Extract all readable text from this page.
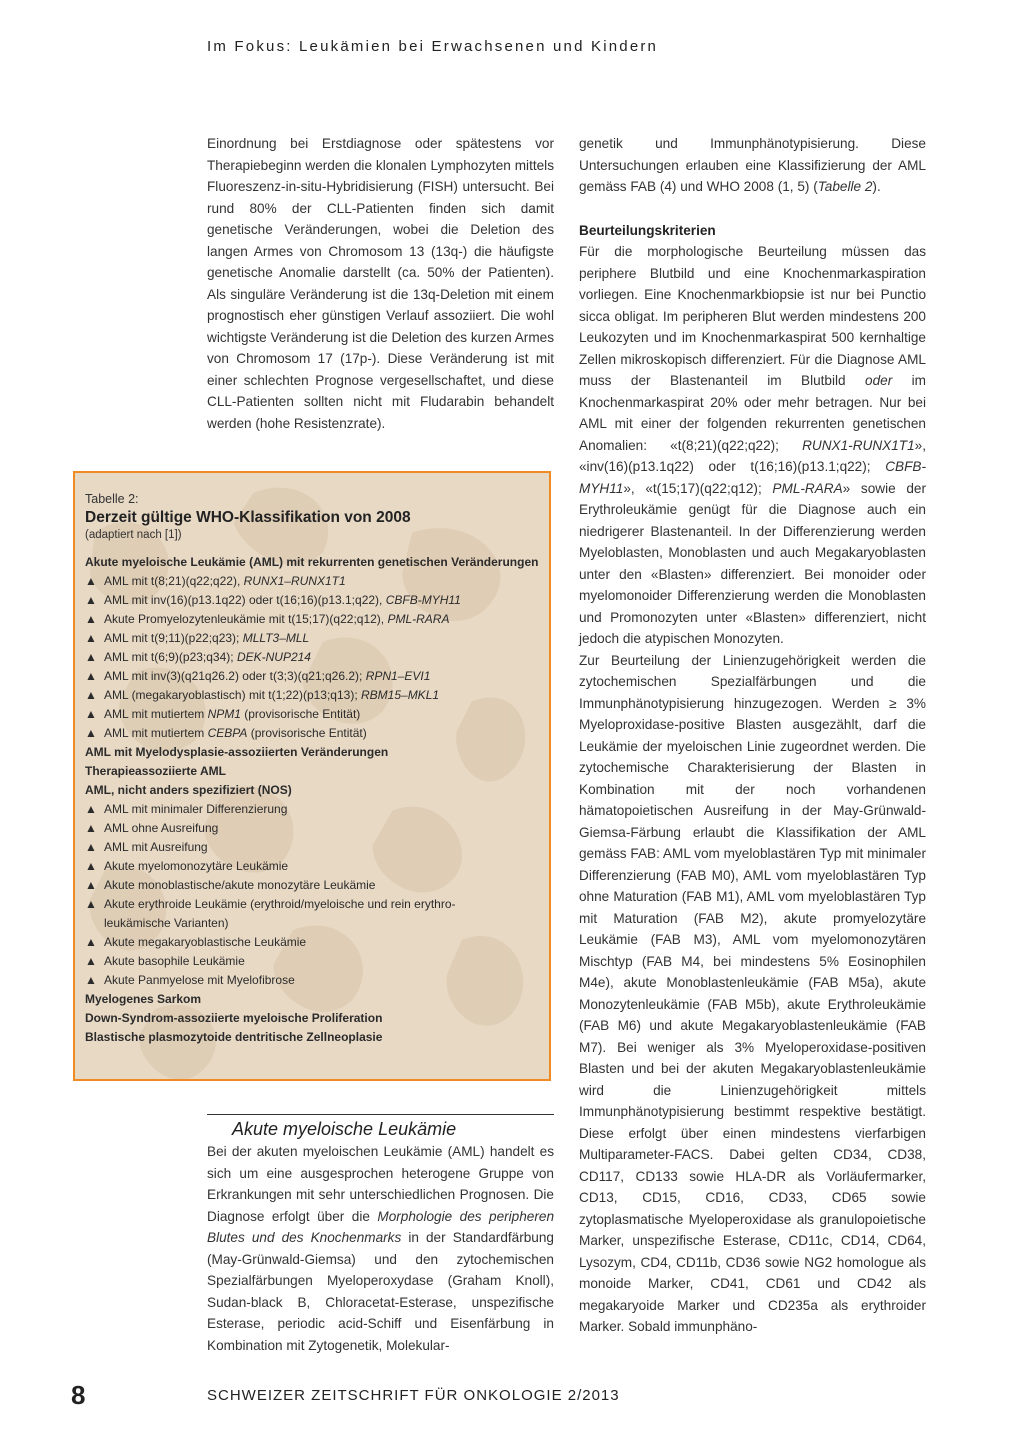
Im Fokus: Leukämien bei Erwachsenen und Kindern

Einordnung bei Erstdiagnose oder spätestens vor Therapiebeginn werden die klonalen Lymphozyten mittels Fluoreszenz-in-situ-Hybridisierung (FISH) untersucht. Bei rund 80% der CLL-Patienten finden sich damit genetische Veränderungen, wobei die Deletion des langen Armes von Chromosom 13 (13q-) die häufigste genetische Anomalie darstellt (ca. 50% der Patienten). Als singuläre Veränderung ist die 13q-Deletion mit einem prognostisch eher günstigen Verlauf assoziiert. Die wohl wichtigste Veränderung ist die Deletion des kurzen Armes von Chromosom 17 (17p-). Diese Veränderung ist mit einer schlechten Prognose vergesellschaftet, und diese CLL-Patienten sollten nicht mit Fludarabin behandelt werden (hohe Resistenzrate).

Tabelle 2:
Derzeit gültige WHO-Klassifikation von 2008
(adaptiert nach [1])
Akute myeloische Leukämie (AML) mit rekurrenten genetischen Veränderungen
▲ AML mit t(8;21)(q22;q22), RUNX1–RUNX1T1
▲ AML mit inv(16)(p13.1q22) oder t(16;16)(p13.1;q22), CBFB-MYH11
▲ Akute Promyelozytenleukämie mit t(15;17)(q22;q12), PML-RARA
▲ AML mit t(9;11)(p22;q23); MLLT3–MLL
▲ AML mit t(6;9)(p23;q34); DEK-NUP214
▲ AML mit inv(3)(q21q26.2) oder t(3;3)(q21;q26.2); RPN1–EVI1
▲ AML (megakaryoblastisch) mit t(1;22)(p13;q13); RBM15–MKL1
▲ AML mit mutiertem NPM1 (provisorische Entität)
▲ AML mit mutiertem CEBPA (provisorische Entität)
AML mit Myelodysplasie-assoziierten Veränderungen
Therapieassoziierte AML
AML, nicht anders spezifiziert (NOS)
▲ AML mit minimaler Differenzierung
▲ AML ohne Ausreifung
▲ AML mit Ausreifung
▲ Akute myelomonozytäre Leukämie
▲ Akute monoblastische/akute monozytäre Leukämie
▲ Akute erythroide Leukämie (erythroid/myeloische und rein erythro-
leukämische Varianten)
▲ Akute megakaryoblastische Leukämie
▲ Akute basophile Leukämie
▲ Akute Panmyelose mit Myelofibrose
Myelogenes Sarkom
Down-Syndrom-assoziierte myeloische Proliferation
Blastische plasmozytoide dentritische Zellneoplasie
Akute myeloische Leukämie

Bei der akuten myeloischen Leukämie (AML) handelt es sich um eine ausgesprochen heterogene Gruppe von Erkrankungen mit sehr unterschiedlichen Prognosen. Die Diagnose erfolgt über die Morphologie des peripheren Blutes und des Knochenmarks in der Standardfärbung (May-Grünwald-Giemsa) und den zytochemischen Spezialfärbungen Myeloperoxydase (Graham Knoll), Sudan-black B, Chloracetat-Esterase, unspezifische Esterase, periodic acid-Schiff und Eisenfärbung in Kombination mit Zytogenetik, Molekular-

genetik und Immunphänotypisierung. Diese Untersuchungen erlauben eine Klassifizierung der AML gemäss FAB (4) und WHO 2008 (1, 5) (Tabelle 2).

Beurteilungskriterien

Für die morphologische Beurteilung müssen das periphere Blutbild und eine Knochenmarkaspiration vorliegen. Eine Knochenmarkbiopsie ist nur bei Punctio sicca obligat. Im peripheren Blut werden mindestens 200 Leukozyten und im Knochenmarkaspirat 500 kernhaltige Zellen mikroskopisch differenziert. Für die Diagnose AML muss der Blastenanteil im Blutbild oder im Knochenmarkaspirat 20% oder mehr betragen. Nur bei AML mit einer der folgenden rekurrenten genetischen Anomalien: «t(8;21)(q22;q22); RUNX1-RUNX1T1», «inv(16)(p13.1q22) oder t(16;16)(p13.1;q22); CBFB-MYH11», «t(15;17)(q22;q12); PML-RARA» sowie der Erythroleukämie genügt für die Diagnose auch ein niedrigerer Blastenanteil. In der Differenzierung werden Myeloblasten, Monoblasten und auch Megakaryoblasten unter den «Blasten» differenziert. Bei monoider oder myelomonoider Differenzierung werden die Monoblasten und Promonozyten unter «Blasten» differenziert, nicht jedoch die atypischen Monozyten.

Zur Beurteilung der Linienzugehörigkeit werden die zytochemischen Spezialfärbungen und die Immunphänotypisierung hinzugezogen. Werden ≥ 3% Myeloproxidase-positive Blasten ausgezählt, darf die Leukämie der myeloischen Linie zugeordnet werden. Die zytochemische Charakterisierung der Blasten in Kombination mit der noch vorhandenen hämatopoietischen Ausreifung in der May-Grünwald-Giemsa-Färbung erlaubt die Klassifikation der AML gemäss FAB: AML vom myeloblastären Typ mit minimaler Differenzierung (FAB M0), AML vom myeloblastären Typ ohne Maturation (FAB M1), AML vom myeloblastären Typ mit Maturation (FAB M2), akute promyelozytäre Leukämie (FAB M3), AML vom myelomonozytären Mischtyp (FAB M4, bei mindestens 5% Eosinophilen M4e), akute Monoblastenleukämie (FAB M5a), akute Monozytenleukämie (FAB M5b), akute Erythroleukämie (FAB M6) und akute Megakaryoblastenleukämie (FAB M7). Bei weniger als 3% Myeloperoxidase-positiven Blasten und bei der akuten Megakaryoblastenleukämie wird die Linienzugehörigkeit mittels Immunphänotypisierung bestimmt respektive bestätigt. Diese erfolgt über einen mindestens vierfarbigen Multiparameter-FACS. Dabei gelten CD34, CD38, CD117, CD133 sowie HLA-DR als Vorläufermarker, CD13, CD15, CD16, CD33, CD65 sowie zytoplasmatische Myeloperoxidase als granulopoietische Marker, unspezifische Esterase, CD11c, CD14, CD64, Lysozym, CD4, CD11b, CD36 sowie NG2 homologue als monoide Marker, CD41, CD61 und CD42 als megakaryoide Marker und CD235a als erythroider Marker. Sobald immunphäno-

8	SCHWEIZER ZEITSCHRIFT FÜR ONKOLOGIE 2/2013
